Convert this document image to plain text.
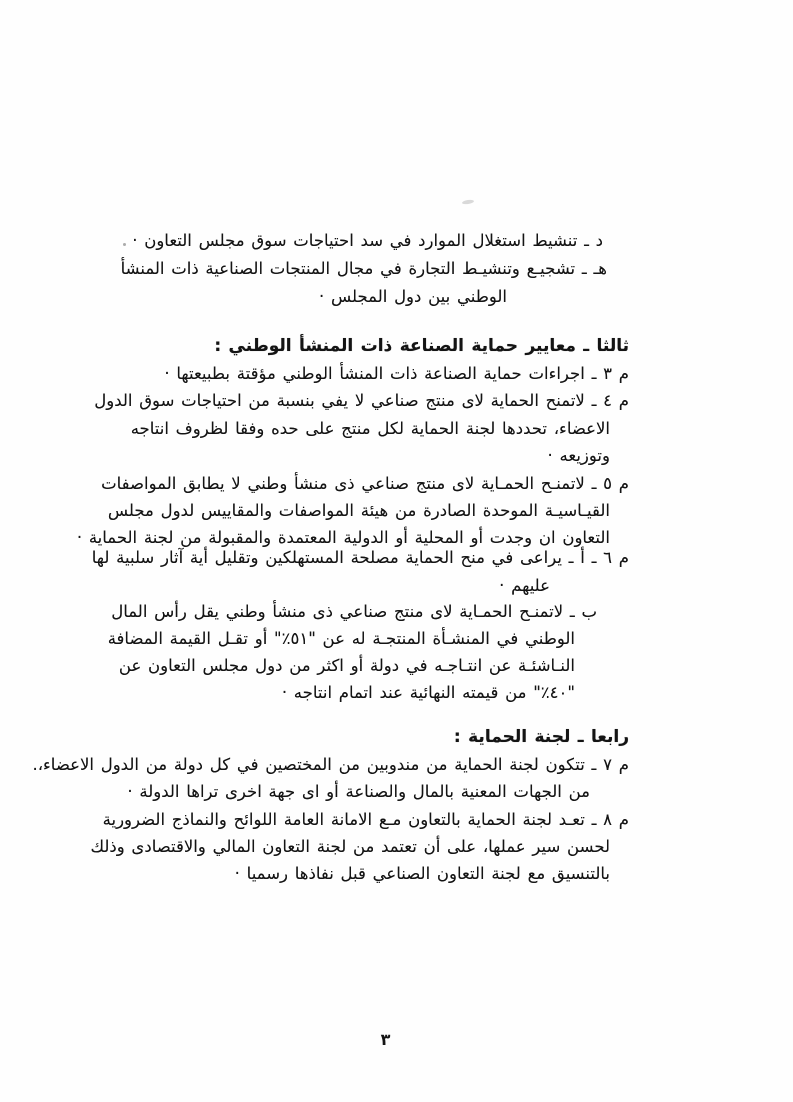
د ـ تنشيط استغلال الموارد في سد احتياجات سوق مجلس التعاون ·
هـ ـ تشجيـع وتنشيـط التجارة في مجال المنتجات الصناعية ذات المنشأ
الوطني بين دول المجلس ·
ثالثا ـ معايير حماية الصناعة ذات المنشأ الوطني :
م ٣ ـ اجراءات حماية الصناعة ذات المنشأ الوطني مؤقتة بطبيعتها ·
م ٤ ـ لاتمنح الحماية لاى منتج صناعي لا يفي بنسبة من احتياجات سوق الدول
الاعضاء، تحددها لجنة الحماية لكل منتج على حده وفقا لظروف انتاجه
وتوزيعه ·
م ٥ ـ لاتمنـح الحمـاية لاى منتج صناعي ذى منشأ وطني لا يطابق المواصفات
القيـاسيـة الموحدة الصادرة من هيئة المواصفات والمقاييس لدول مجلس
التعاون ان وجدت أو المحلية أو الدولية المعتمدة والمقبولة من لجنة الحماية ·
م ٦ ـ أ ـ يراعى في منح الحماية مصلحة المستهلكين وتقليل أية آثار سلبية لها
عليهم ·
ب ـ لاتمنـح الحمـاية لاى منتج صناعي ذى منشأ وطني يقل رأس المال
الوطني في المنشـأة المنتجـة له عن "٥١٪" أو تقـل القيمة المضافة
النـاشئـة عن انتـاجـه في دولة أو اكثر من دول مجلس التعاون عن
"٤٠٪" من قيمته النهائية عند اتمام انتاجه ·
رابعا ـ لجنة الحماية :
م ٧ ـ تتكون لجنة الحماية من مندوبين من المختصين في كل دولة من الدول الاعضاء،.
من الجهات المعنية بالمال والصناعة أو اى جهة اخرى تراها الدولة ·
م ٨ ـ تعـد لجنة الحماية بالتعاون مـع الامانة العامة اللوائح والنماذج الضرورية
لحسن سير عملها، على أن تعتمد من لجنة التعاون المالي والاقتصادى وذلك
بالتنسيق مع لجنة التعاون الصناعي قبل نفاذها رسميا ·
٣
